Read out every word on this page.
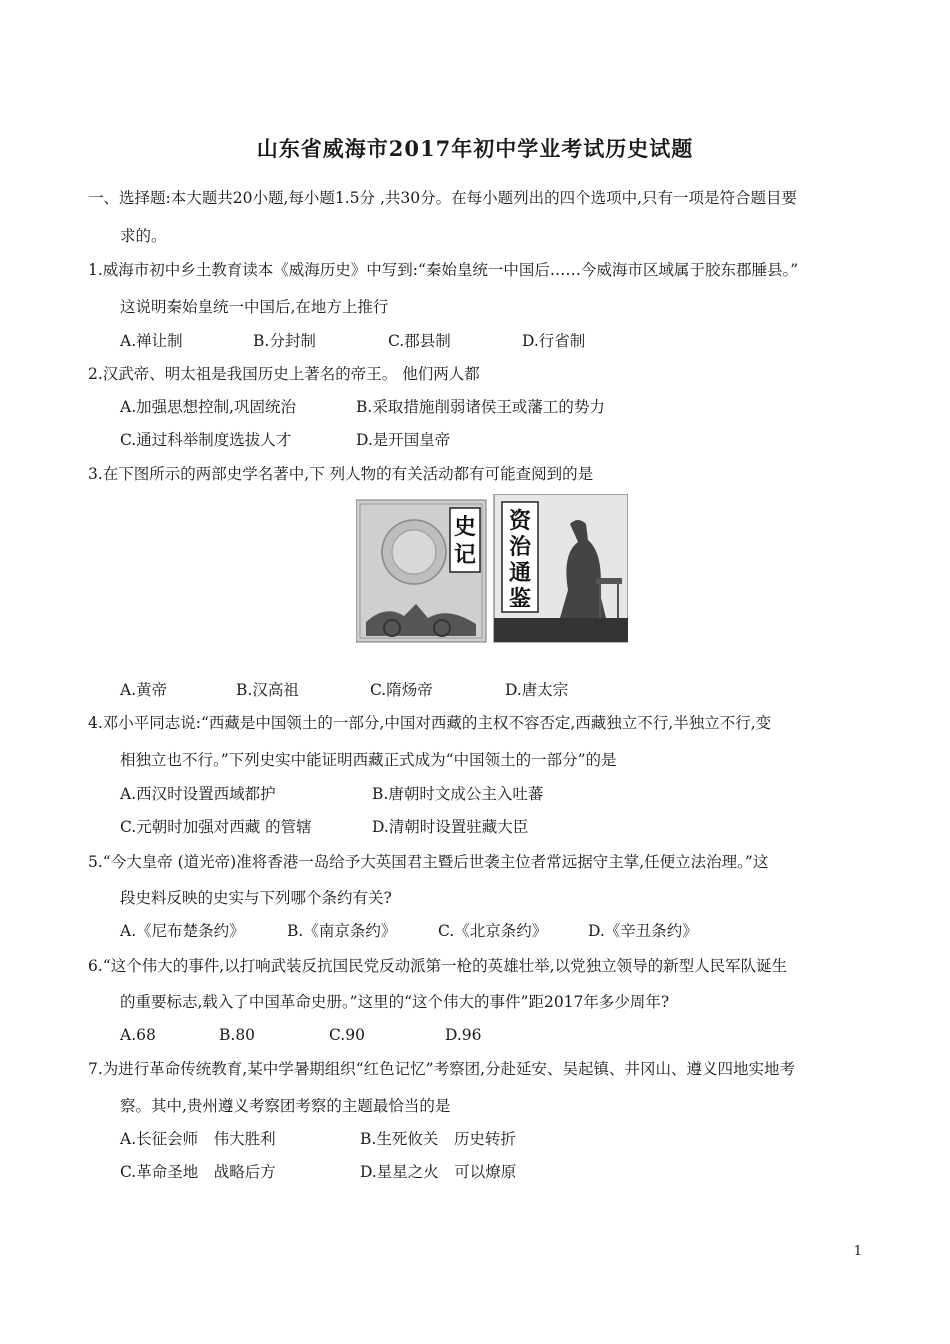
山东省威海市2017年初中学业考试历史试题
一、选择题:本大题共20小题,每小题1.5分 ,共30分。在每小题列出的四个选项中,只有一项是符合题目要
求的。
1.威海市初中乡土教育读本《威海历史》中写到:“秦始皇统一中国后……今威海市区域属于胶东郡腄县。”
这说明秦始皇统一中国后,在地方上推行
A.禅让制	B.分封制	C.郡县制	D.行省制
2.汉武帝、明太祖是我国历史上著名的帝王。 他们两人都
A.加强思想控制,巩固统治	B.采取措施削弱诸侯王或藩工的势力
C.通过科举制度选拔人才	D.是开国皇帝
3.在下图所示的两部史学名著中,下 列人物的有关活动都有可能查阅到的是
史
记
资
治
通
鉴
A.黄帝	B.汉高祖	C.隋炀帝	D.唐太宗
4.邓小平同志说:“西藏是中国领土的一部分,中国对西藏的主权不容否定,西藏独立不行,半独立不行,变
相独立也不行。”下列史实中能证明西藏正式成为“中国领土的一部分”的是
A.西汉时设置西域都护	B.唐朝时文成公主入吐蕃
C.元朝时加强对西藏 的管辖	D.清朝时设置驻藏大臣
5.“今大皇帝 (道光帝)准将香港一岛给予大英国君主暨后世袭主位者常远据守主掌,任便立法治理。”这
段史料反映的史实与下列哪个条约有关?
A.《尼布楚条约》	B.《南京条约》	C.《北京条约》	D.《辛丑条约》
6.“这个伟大的事件,以打响武装反抗国民党反动派第一枪的英雄壮举,以党独立领导的新型人民军队诞生
的重要标志,载入了中国革命史册。”这里的“这个伟大的事件”距2017年多少周年?
A.68	B.80	C.90	D.96
7.为进行革命传统教育,某中学暑期组织“红色记忆”考察团,分赴延安、吴起镇、井冈山、遵义四地实地考
察。其中,贵州遵义考察团考察的主题最恰当的是
A.长征会师　伟大胜利	B.生死攸关　历史转折
C.革命圣地　战略后方	D.星星之火　可以燎原
1
